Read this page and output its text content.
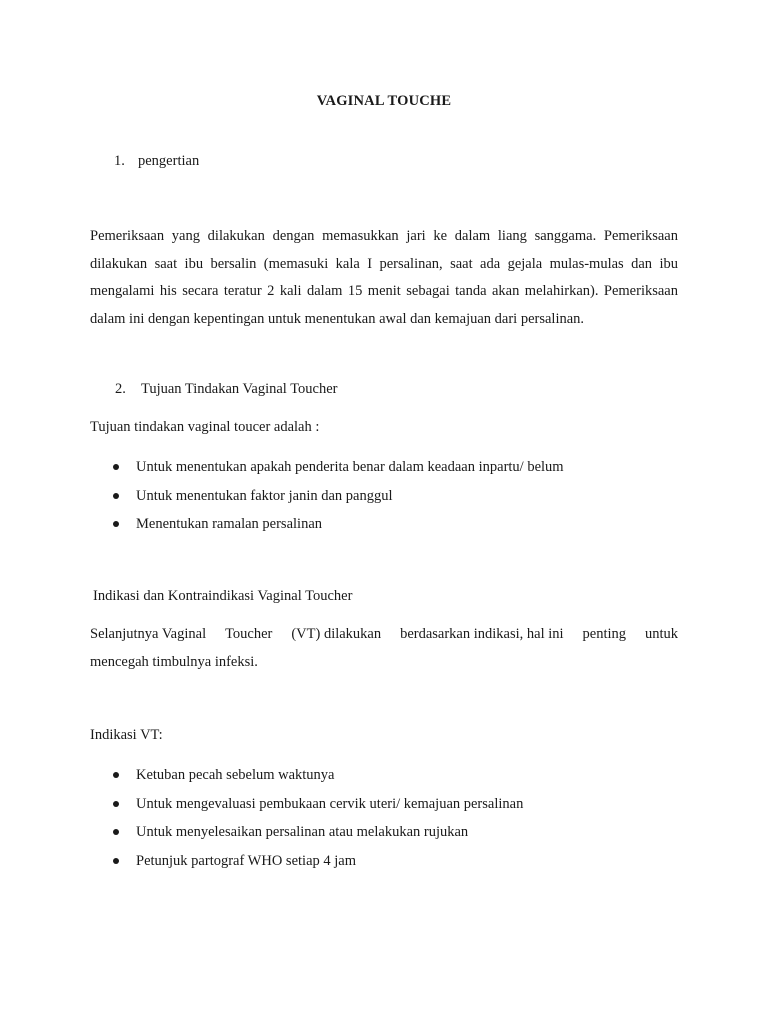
VAGINAL TOUCHE
1. pengertian
Pemeriksaan yang dilakukan dengan memasukkan jari ke dalam liang sanggama. Pemeriksaan dilakukan saat ibu bersalin (memasuki kala I persalinan, saat ada gejala mulas-mulas dan ibu mengalami his secara teratur 2 kali dalam 15 menit sebagai tanda akan melahirkan). Pemeriksaan dalam ini dengan kepentingan untuk menentukan awal dan kemajuan dari persalinan.
2. Tujuan Tindakan Vaginal Toucher
Tujuan tindakan vaginal toucer adalah :
Untuk menentukan apakah penderita benar dalam keadaan inpartu/ belum
Untuk menentukan faktor janin dan panggul
Menentukan ramalan persalinan
Indikasi dan Kontraindikasi Vaginal Toucher
Selanjutnya Vaginal Toucher (VT) dilakukan berdasarkan indikasi, hal ini penting untuk
mencegah timbulnya infeksi.
Indikasi VT:
Ketuban pecah sebelum waktunya
Untuk mengevaluasi pembukaan cervik uteri/ kemajuan persalinan
Untuk menyelesaikan persalinan atau melakukan rujukan
Petunjuk partograf WHO setiap 4 jam
